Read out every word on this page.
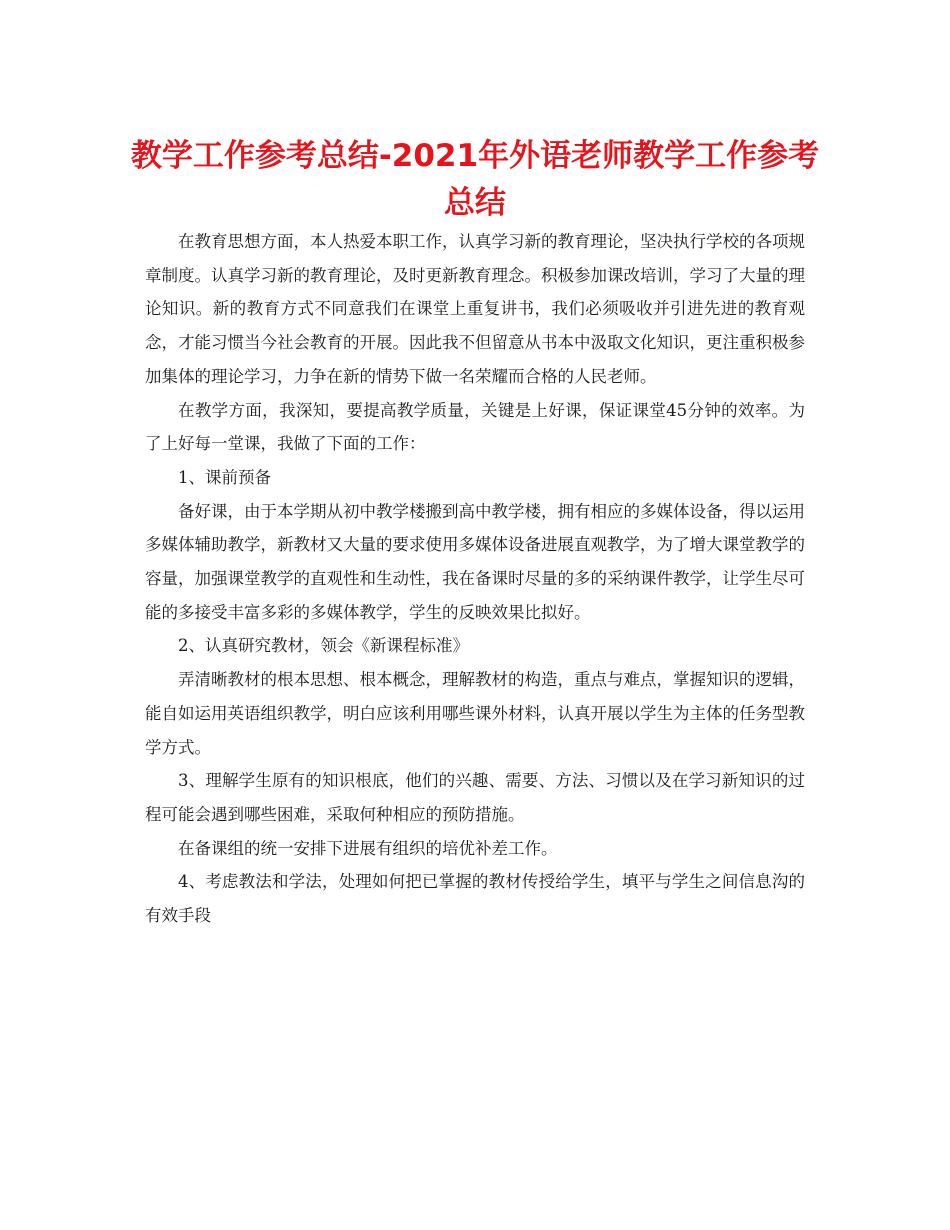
教学工作参考总结-2021年外语老师教学工作参考总结

在教育思想方面，本人热爱本职工作，认真学习新的教育理论，坚决执行学校的各项规章制度。认真学习新的教育理论，及时更新教育理念。积极参加课改培训，学习了大量的理论知识。新的教育方式不同意我们在课堂上重复讲书，我们必须吸收并引进先进的教育观念，才能习惯当今社会教育的开展。因此我不但留意从书本中汲取文化知识，更注重积极参加集体的理论学习，力争在新的情势下做一名荣耀而合格的人民老师。

在教学方面，我深知，要提高教学质量，关键是上好课，保证课堂45分钟的效率。为了上好每一堂课，我做了下面的工作：

1、课前预备

备好课，由于本学期从初中教学楼搬到高中教学楼，拥有相应的多媒体设备，得以运用多媒体辅助教学，新教材又大量的要求使用多媒体设备进展直观教学，为了增大课堂教学的容量，加强课堂教学的直观性和生动性，我在备课时尽量的多的采纳课件教学，让学生尽可能的多接受丰富多彩的多媒体教学，学生的反映效果比拟好。

2、认真研究教材，领会《新课程标准》

弄清晰教材的根本思想、根本概念，理解教材的构造，重点与难点，掌握知识的逻辑，能自如运用英语组织教学，明白应该利用哪些课外材料，认真开展以学生为主体的任务型教学方式。

3、理解学生原有的知识根底，他们的兴趣、需要、方法、习惯以及在学习新知识的过程可能会遇到哪些困难，采取何种相应的预防措施。

在备课组的统一安排下进展有组织的培优补差工作。

4、考虑教法和学法，处理如何把已掌握的教材传授给学生，填平与学生之间信息沟的有效手段
